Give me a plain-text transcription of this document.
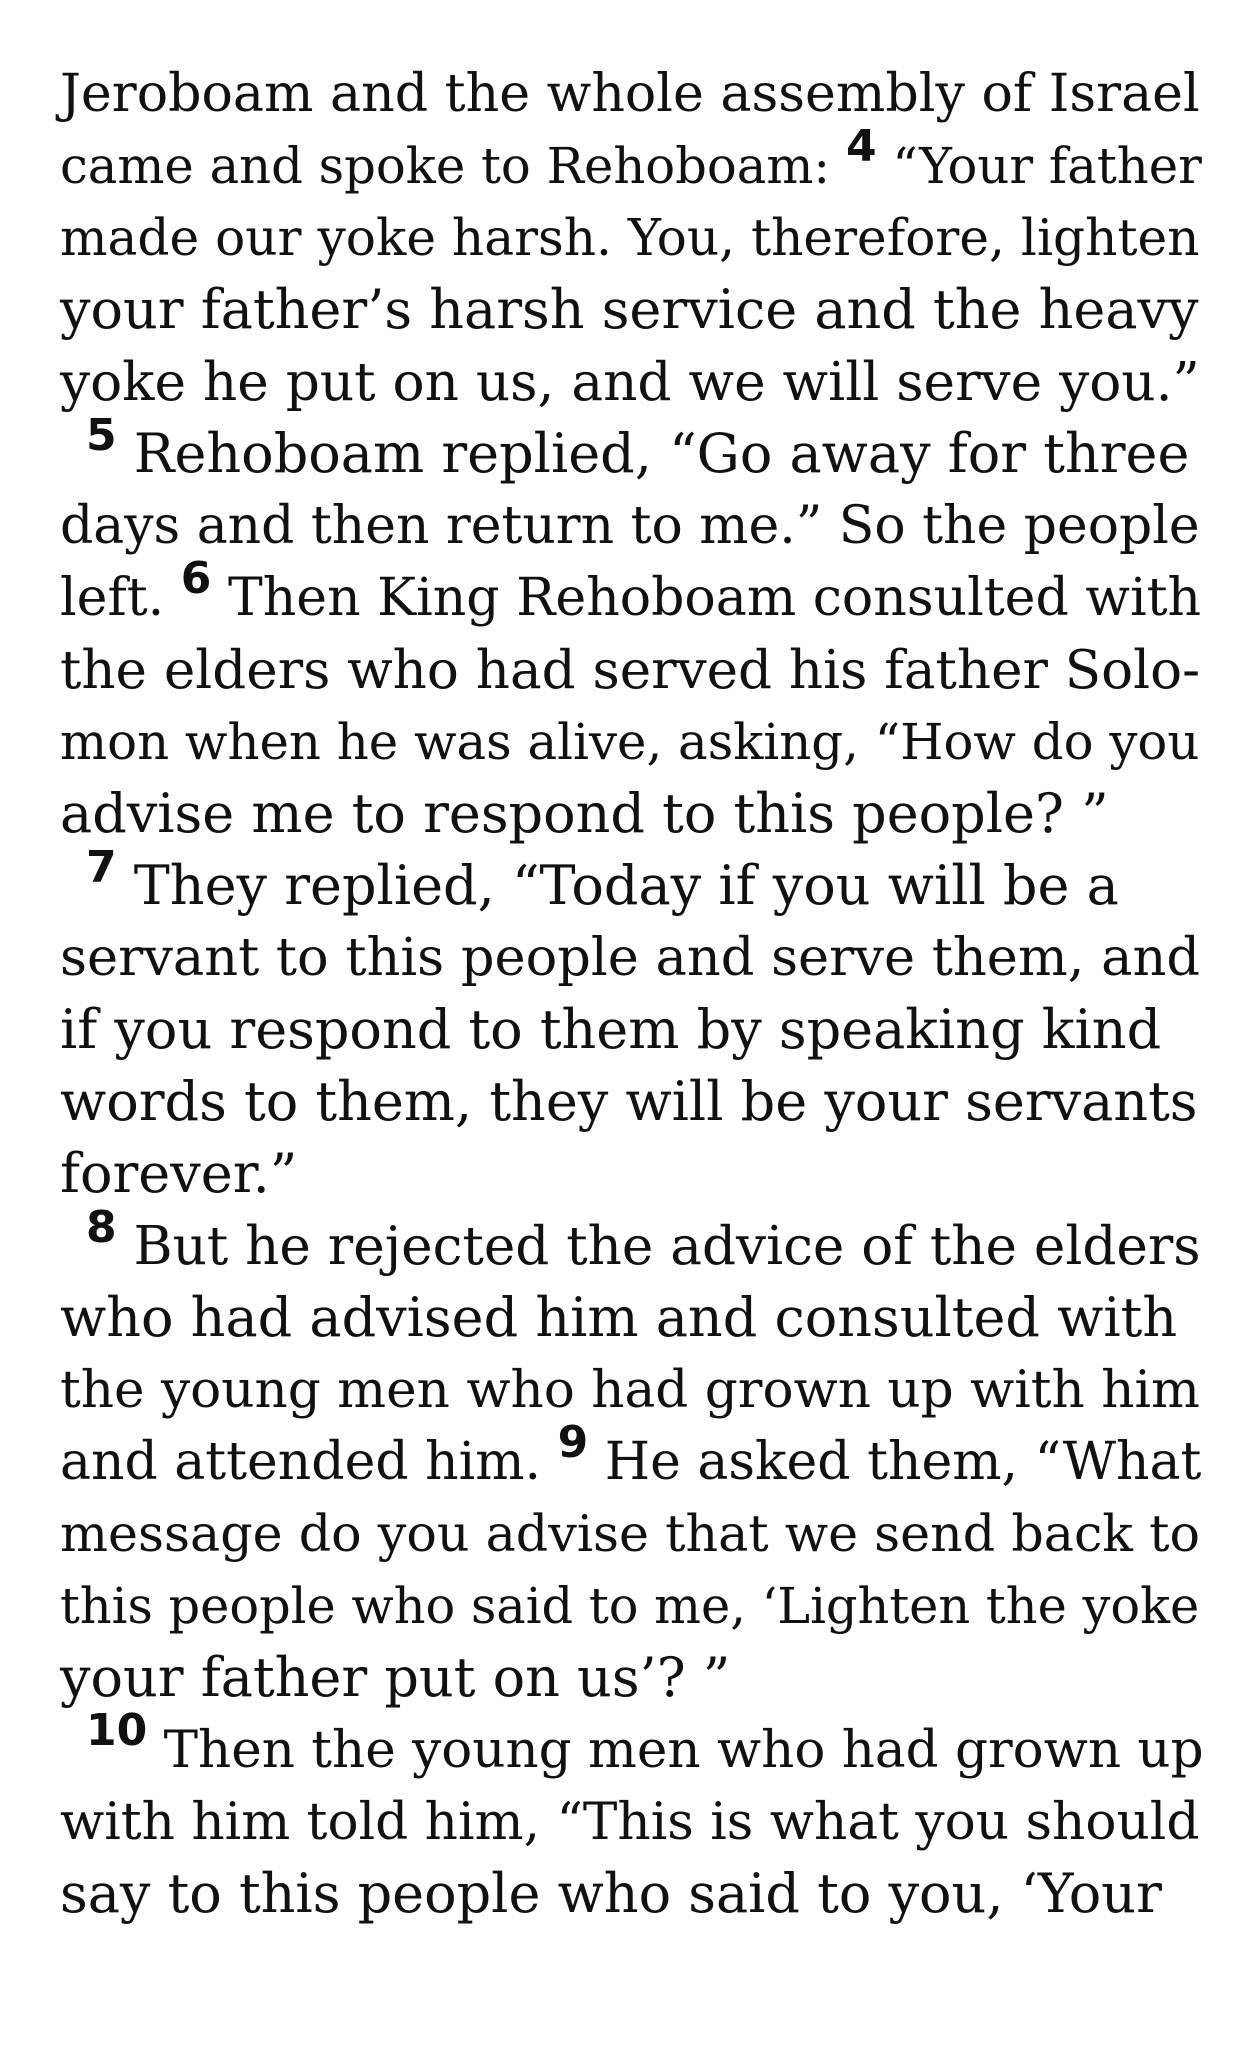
Jeroboam and the whole assembly of Israel
came and spoke to Rehoboam: 4 “Your father
made our yoke harsh. You, therefore, lighten
your father’s harsh service and the heavy
yoke he put on us, and we will serve you.”
$^5$ Rehoboam replied, “Go away for three
days and then return to me.” So the people
left. $^6$ Then King Rehoboam consulted with
the elders who had served his father Solo-
mon when he was alive, asking, “How do you
advise me to respond to this people? ”
$^7$ They replied, “Today if you will be a
servant to this people and serve them, and
if you respond to them by speaking kind
words to them, they will be your servants
forever.”
$^8$ But he rejected the advice of the elders
who had advised him and consulted with
the young men who had grown up with him
and attended him. $^9$ He asked them, “What
message do you advise that we send back to
this people who said to me, ‘Lighten the yoke
your father put on us’? ”
10 Then the young men who had grown up
with him told him, “This is what you should
say to this people who said to you, ‘Your
